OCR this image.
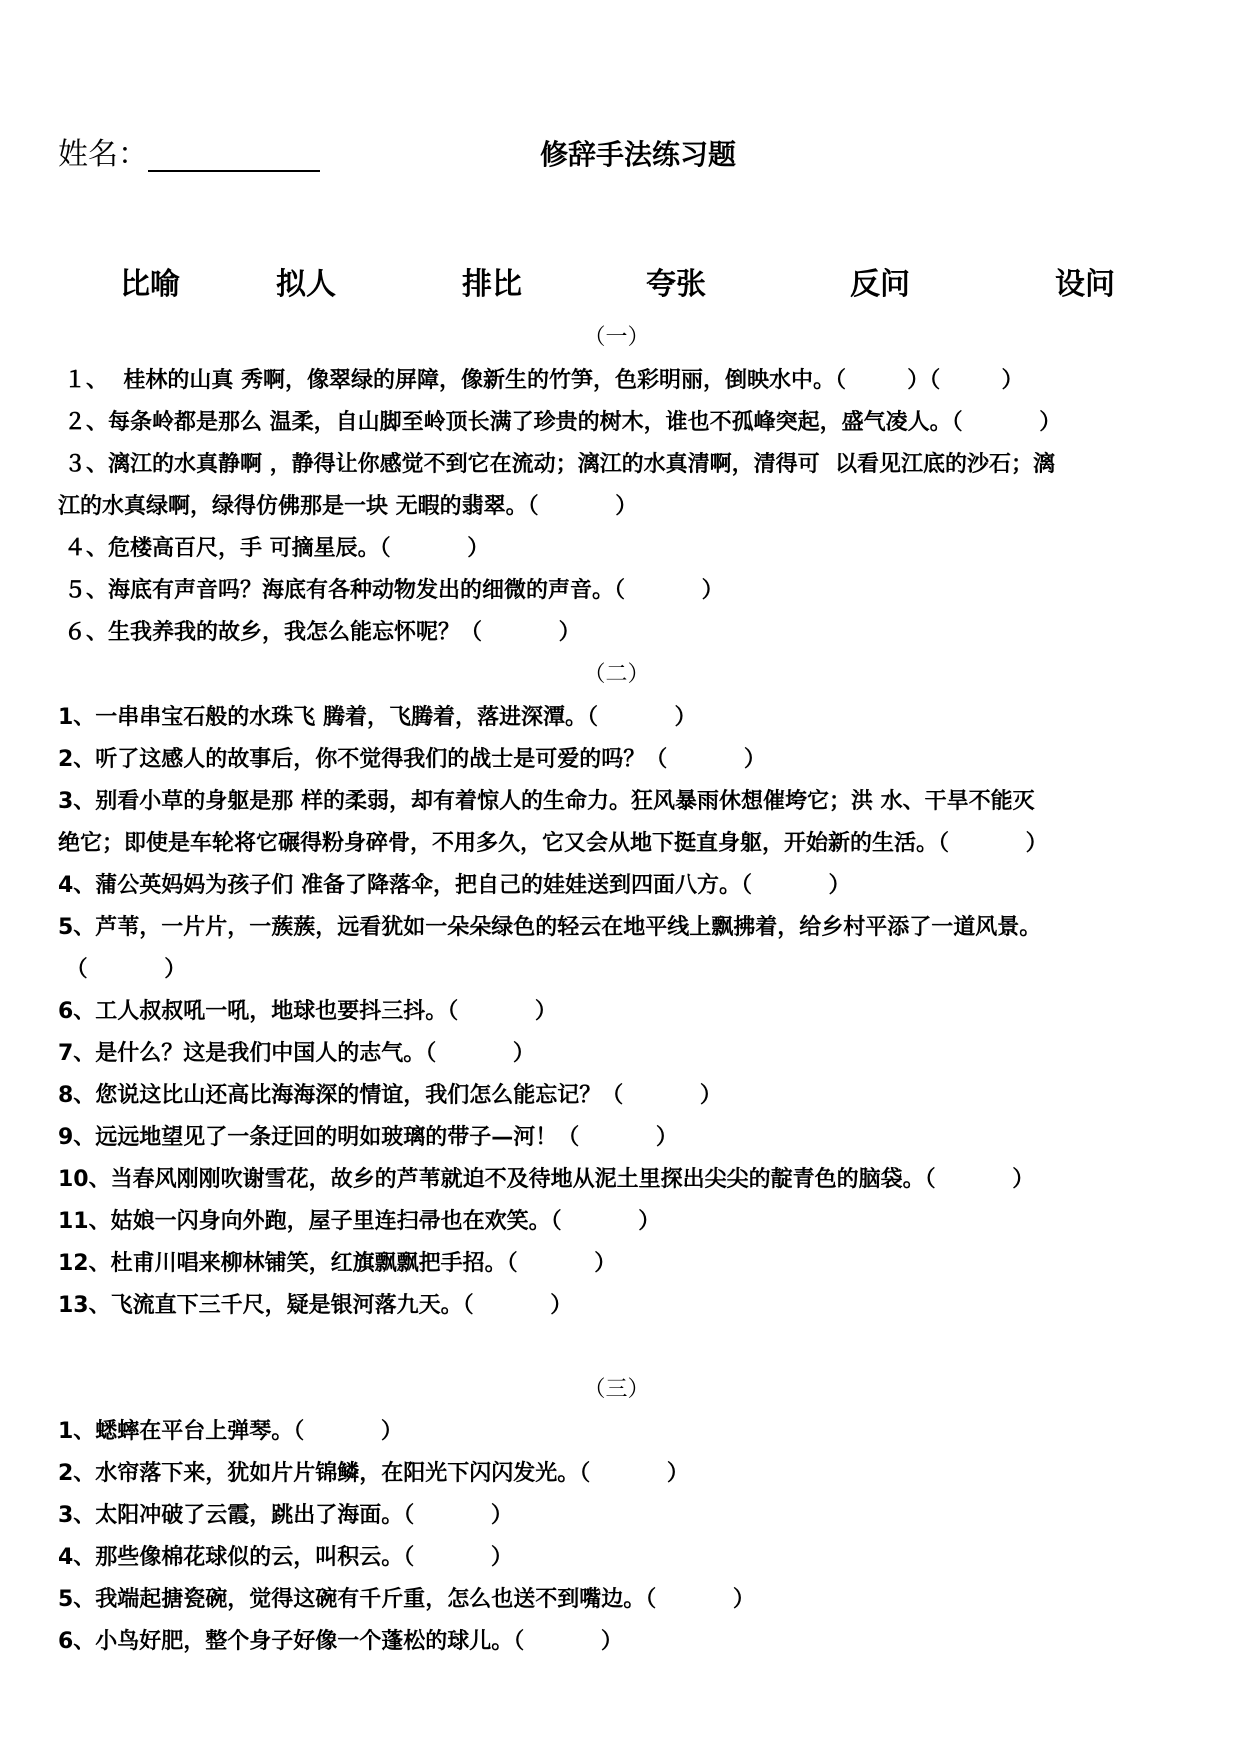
姓名：	修辞手法练习题
比喻	拟人	排比	夸张	反问	设问
（一）
１、  桂林的山真 秀啊，像翠绿的屏障，像新生的竹笋，色彩明丽，倒映水中。（        ）（        ）
２、每条岭都是那么 温柔，自山脚至岭顶长满了珍贵的树木，谁也不孤峰突起，盛气凌人。（          ）
３、漓江的水真静啊 ，静得让你感觉不到它在流动；漓江的水真清啊，清得可  以看见江底的沙石；漓
江的水真绿啊，绿得仿佛那是一块 无暇的翡翠。（          ）
４、危楼高百尺，手 可摘星辰。（          ）
５、海底有声音吗？海底有各种动物发出的细微的声音。（          ）
６、生我养我的故乡，我怎么能忘怀呢？（          ）
（二）
1、一串串宝石般的水珠飞 腾着，飞腾着，落进深潭。（          ）
2、听了这感人的故事后，你不觉得我们的战士是可爱的吗？（          ）
3、别看小草的身躯是那 样的柔弱，却有着惊人的生命力。狂风暴雨休想催垮它；洪 水、干旱不能灭
绝它；即使是车轮将它碾得粉身碎骨，不用多久，它又会从地下挺直身躯，开始新的生活。（          ）
4、蒲公英妈妈为孩子们 准备了降落伞，把自己的娃娃送到四面八方。（          ）
5、芦苇，一片片，一蔟蔟，远看犹如一朵朵绿色的轻云在地平线上飘拂着，给乡村平添了一道风景。
（          ）
6、工人叔叔吼一吼，地球也要抖三抖。（          ）
7、是什么？这是我们中国人的志气。（          ）
8、您说这比山还高比海海深的情谊，我们怎么能忘记？（          ）
9、远远地望见了一条迂回的明如玻璃的带子—河！（          ）
10、当春风刚刚吹谢雪花，故乡的芦苇就迫不及待地从泥土里探出尖尖的靛青色的脑袋。（          ）
11、姑娘一闪身向外跑，屋子里连扫帚也在欢笑。（          ）
12、杜甫川唱来柳林铺笑，红旗飘飘把手招。（          ）
13、飞流直下三千尺，疑是银河落九天。（          ）
（三）
1、蟋蟀在平台上弹琴。（          ）
2、水帘落下来，犹如片片锦鳞，在阳光下闪闪发光。（          ）
3、太阳冲破了云霞，跳出了海面。（          ）
4、那些像棉花球似的云，叫积云。（          ）
5、我端起搪瓷碗，觉得这碗有千斤重，怎么也送不到嘴边。（          ）
6、小鸟好肥，整个身子好像一个蓬松的球儿。（          ）
